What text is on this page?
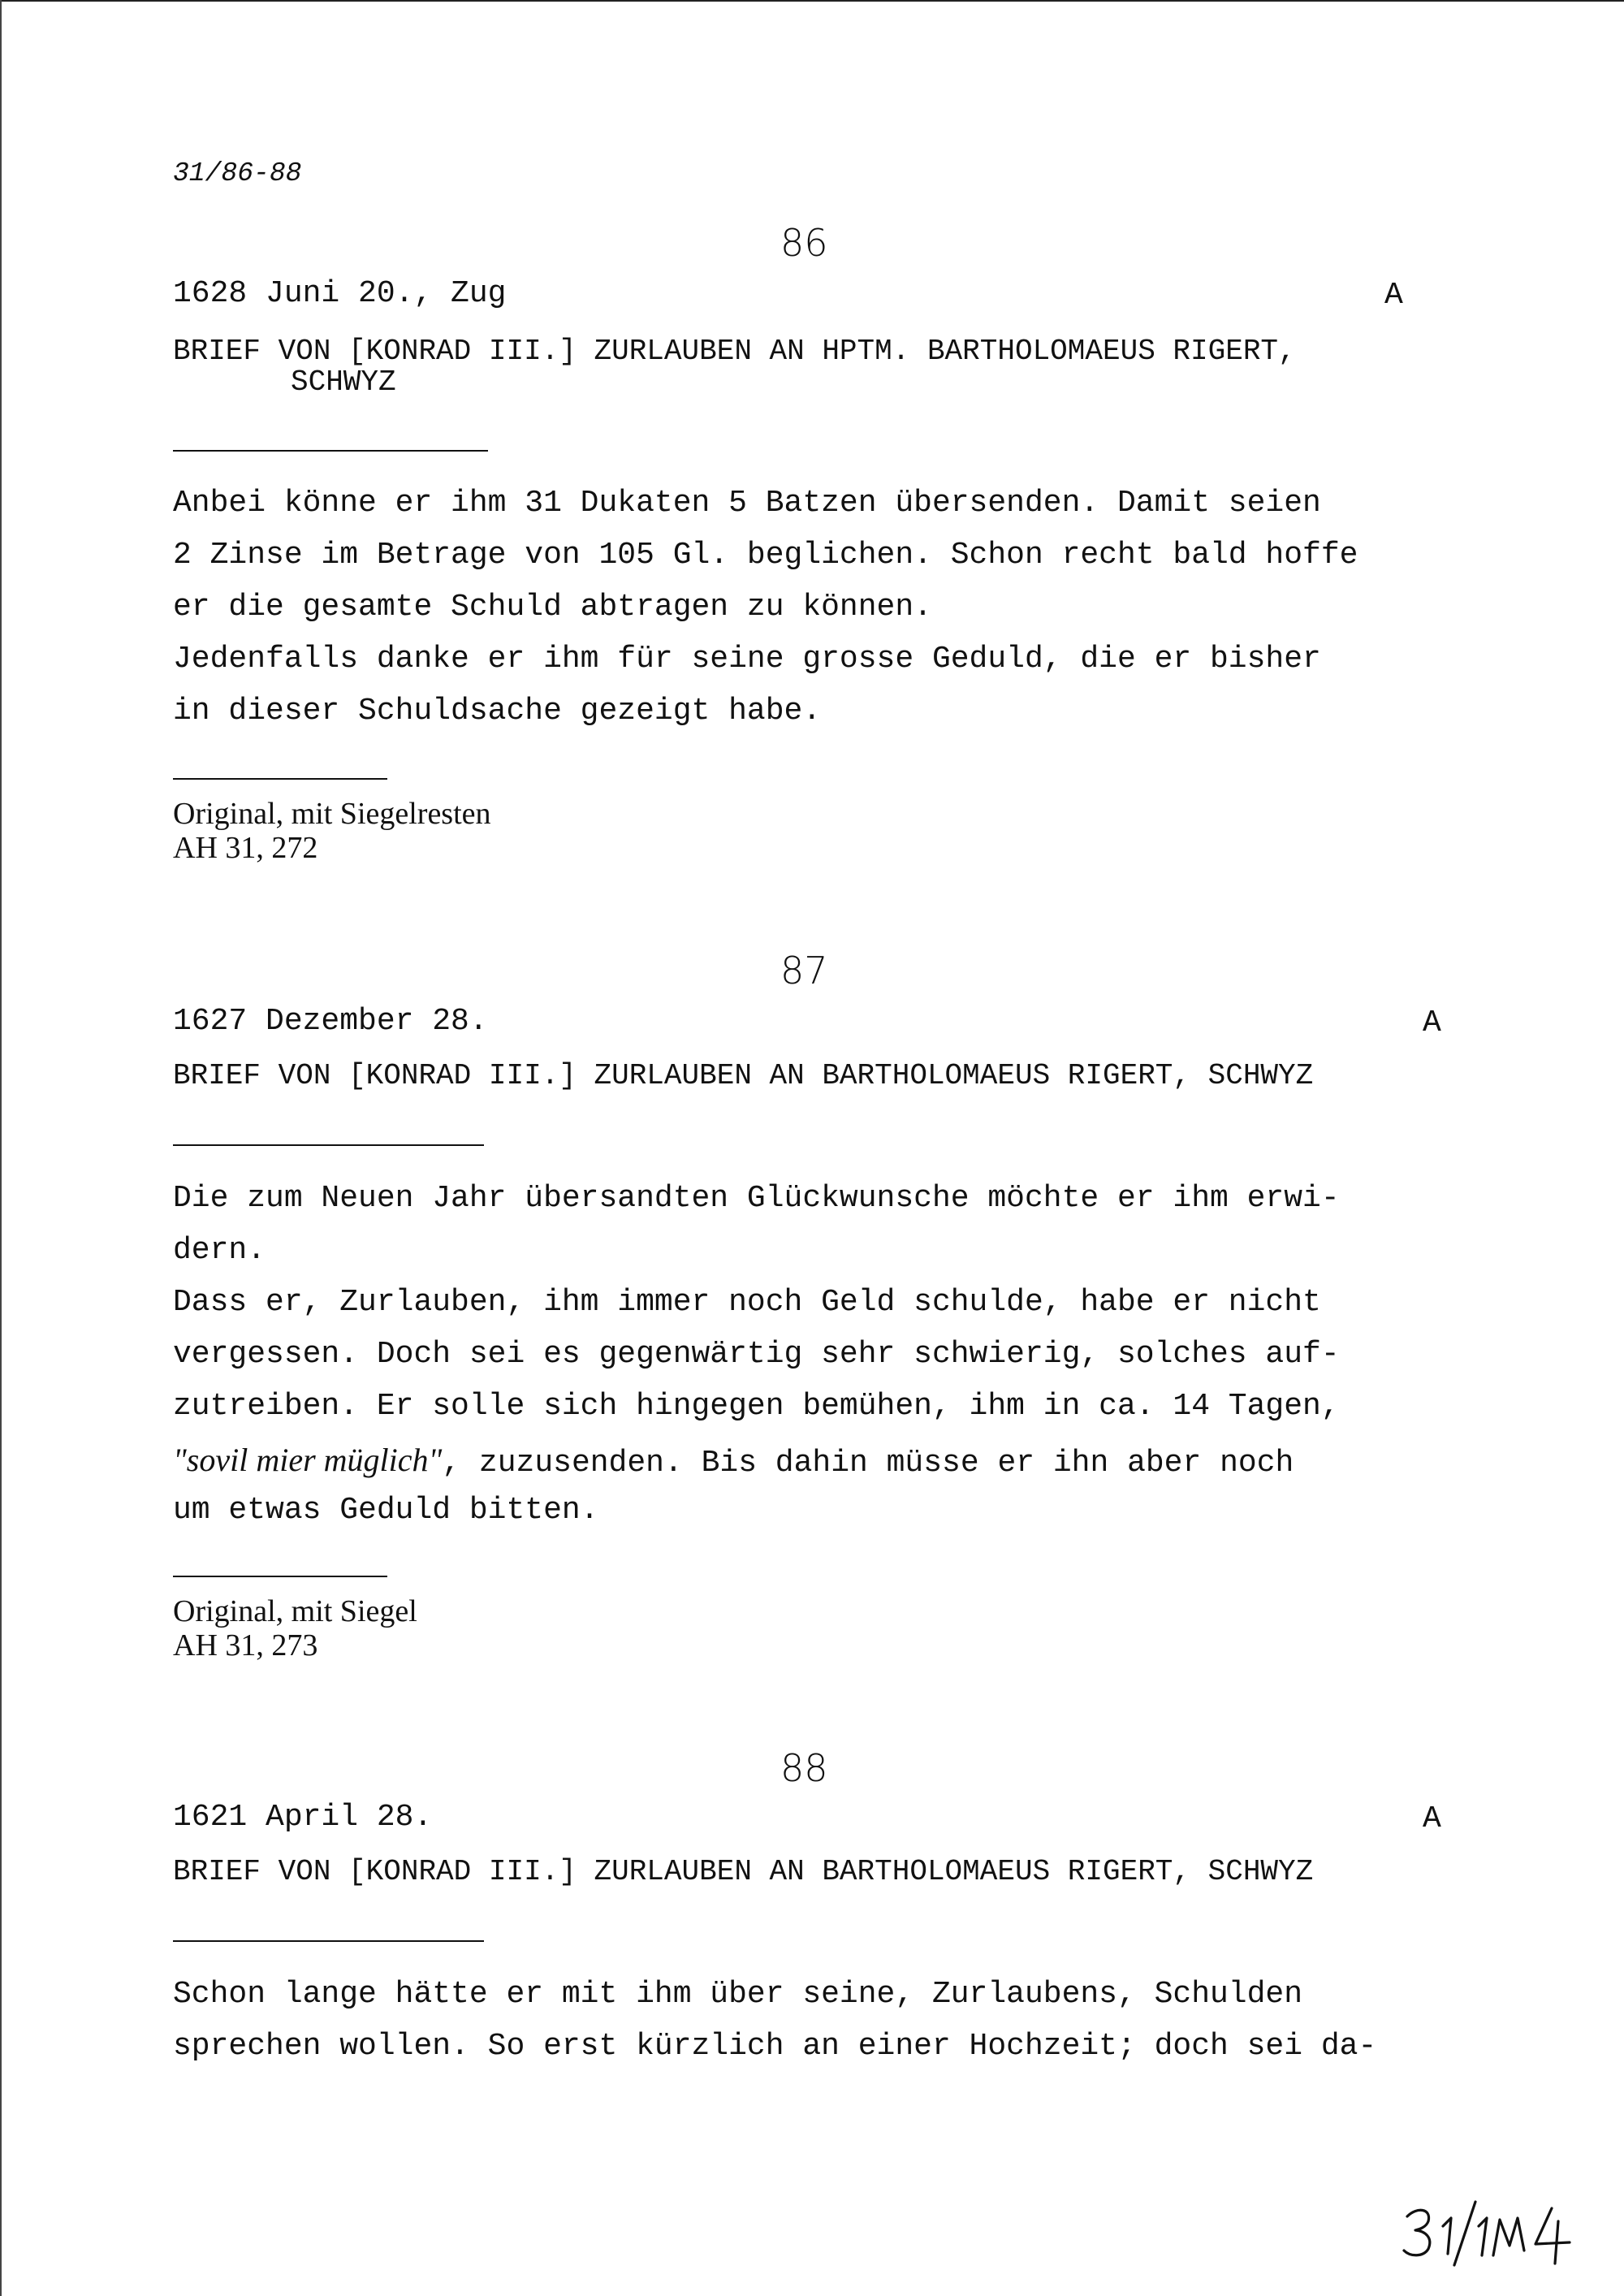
31/86-88
86
1628 Juni 20., Zug	A
BRIEF VON [KONRAD III.] ZURLAUBEN AN HPTM. BARTHOLOMAEUS RIGERT,
SCHWYZ
Anbei könne er ihm 31 Dukaten 5 Batzen übersenden. Damit seien
2 Zinse im Betrage von 105 Gl. beglichen. Schon recht bald hoffe
er die gesamte Schuld abtragen zu können.
Jedenfalls danke er ihm für seine grosse Geduld, die er bisher
in dieser Schuldsache gezeigt habe.
Original, mit Siegelresten
AH 31, 272
87
1627 Dezember 28.	A
BRIEF VON [KONRAD III.] ZURLAUBEN AN BARTHOLOMAEUS RIGERT, SCHWYZ
Die zum Neuen Jahr übersandten Glückwunsche möchte er ihm erwi-
dern.
Dass er, Zurlauben, ihm immer noch Geld schulde, habe er nicht
vergessen. Doch sei es gegenwärtig sehr schwierig, solches auf-
zutreiben. Er solle sich hingegen bemühen, ihm in ca. 14 Tagen,
"sovil mier müglich", zuzusenden. Bis dahin müsse er ihn aber noch
um etwas Geduld bitten.
Original, mit Siegel
AH 31, 273
88
1621 April 28.	A
BRIEF VON [KONRAD III.] ZURLAUBEN AN BARTHOLOMAEUS RIGERT, SCHWYZ
Schon lange hätte er mit ihm über seine, Zurlaubens, Schulden
sprechen wollen. So erst kürzlich an einer Hochzeit; doch sei da-
